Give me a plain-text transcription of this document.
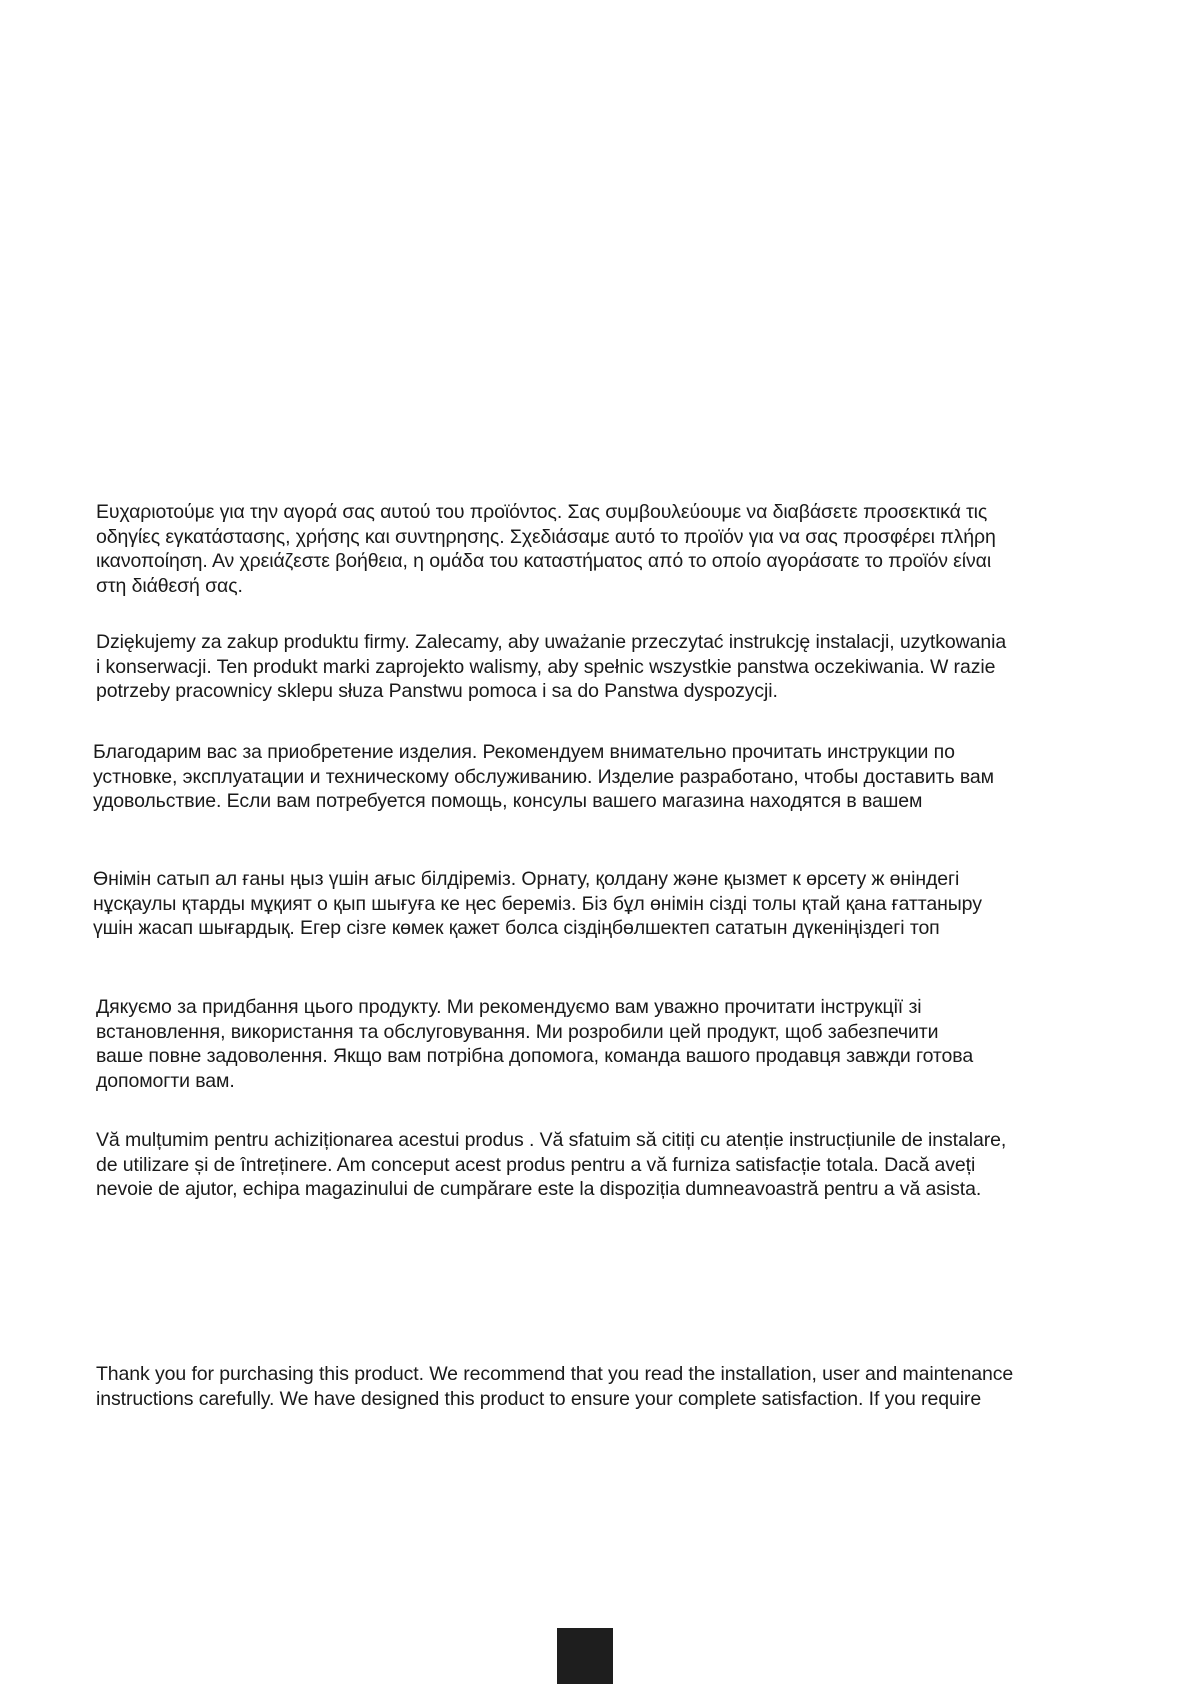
Ευχαριοτούμε για την αγορά σας αυτού του προϊόντος. Σας συμβουλεύουμε να διαβάσετε προσεκτικά τις
οδηγίες εγκατάστασης, χρήσης και συντηρησης. Σχεδιάσαμε αυτό το προϊόν για να σας προσφέρει πλήρη
ικανοποίηση. Αν χρειάζεστε βοήθεια, η ομάδα του καταστήματος από το οποίο αγοράσατε το προϊόν είναι
στη διάθεσή σας.

Dziękujemy za zakup produktu firmy. Zalecamy, aby uważanie przeczytać instrukcję instalacji, uzytkowania
i konserwacji. Ten produkt marki zaprojekto walismy, aby spełnic wszystkie panstwa oczekiwania. W razie
potrzeby pracownicy sklepu słuza Panstwu pomoca i sa do Panstwa dyspozycji.

Благодарим вас за приобретение изделия. Рекомендуем внимательно прочитать инструкции по
устновке, эксплуатации и техническому обслуживанию. Изделие разработано, чтобы доставить вам
удовольствие. Если вам потребуется помощь, консулы вашего магазина находятся в вашем

Өнімін сатып ал ғаны ңыз үшін ағыс білдіреміз. Орнату, қолдану және қызмет к өрсету ж өніндегі
нұсқаулы қтарды мұқият о қып шығуға ке ңес береміз. Біз бұл өнімін сізді толы қтай қана ғаттаныру
үшін жасап шығардық. Егер сізге көмек қажет болса сіздіңбөлшектеп сататын дүкеніңіздегі топ

Дякуємо за придбання цього продукту. Ми рекомендуємо вам уважно прочитати інструкції зі
встановлення, використання та обслуговування. Ми розробили цей продукт, щоб забезпечити
ваше повне задоволення. Якщо вам потрібна допомога, команда вашого продавця завжди готова
допомогти вам.

Vă mulțumim pentru achiziționarea acestui produs . Vă sfatuim să citiți cu atenție instrucțiunile de instalare,
de utilizare și de întreținere. Am conceput acest produs pentru a vă furniza satisfacție totala. Dacă aveți
nevoie de ajutor, echipa magazinului de cumpărare este la dispoziția dumneavoastră pentru a vă asista.

Thank you for purchasing this product. We recommend that you read the installation, user and maintenance
instructions carefully. We have designed this product to ensure your complete satisfaction. If you require
